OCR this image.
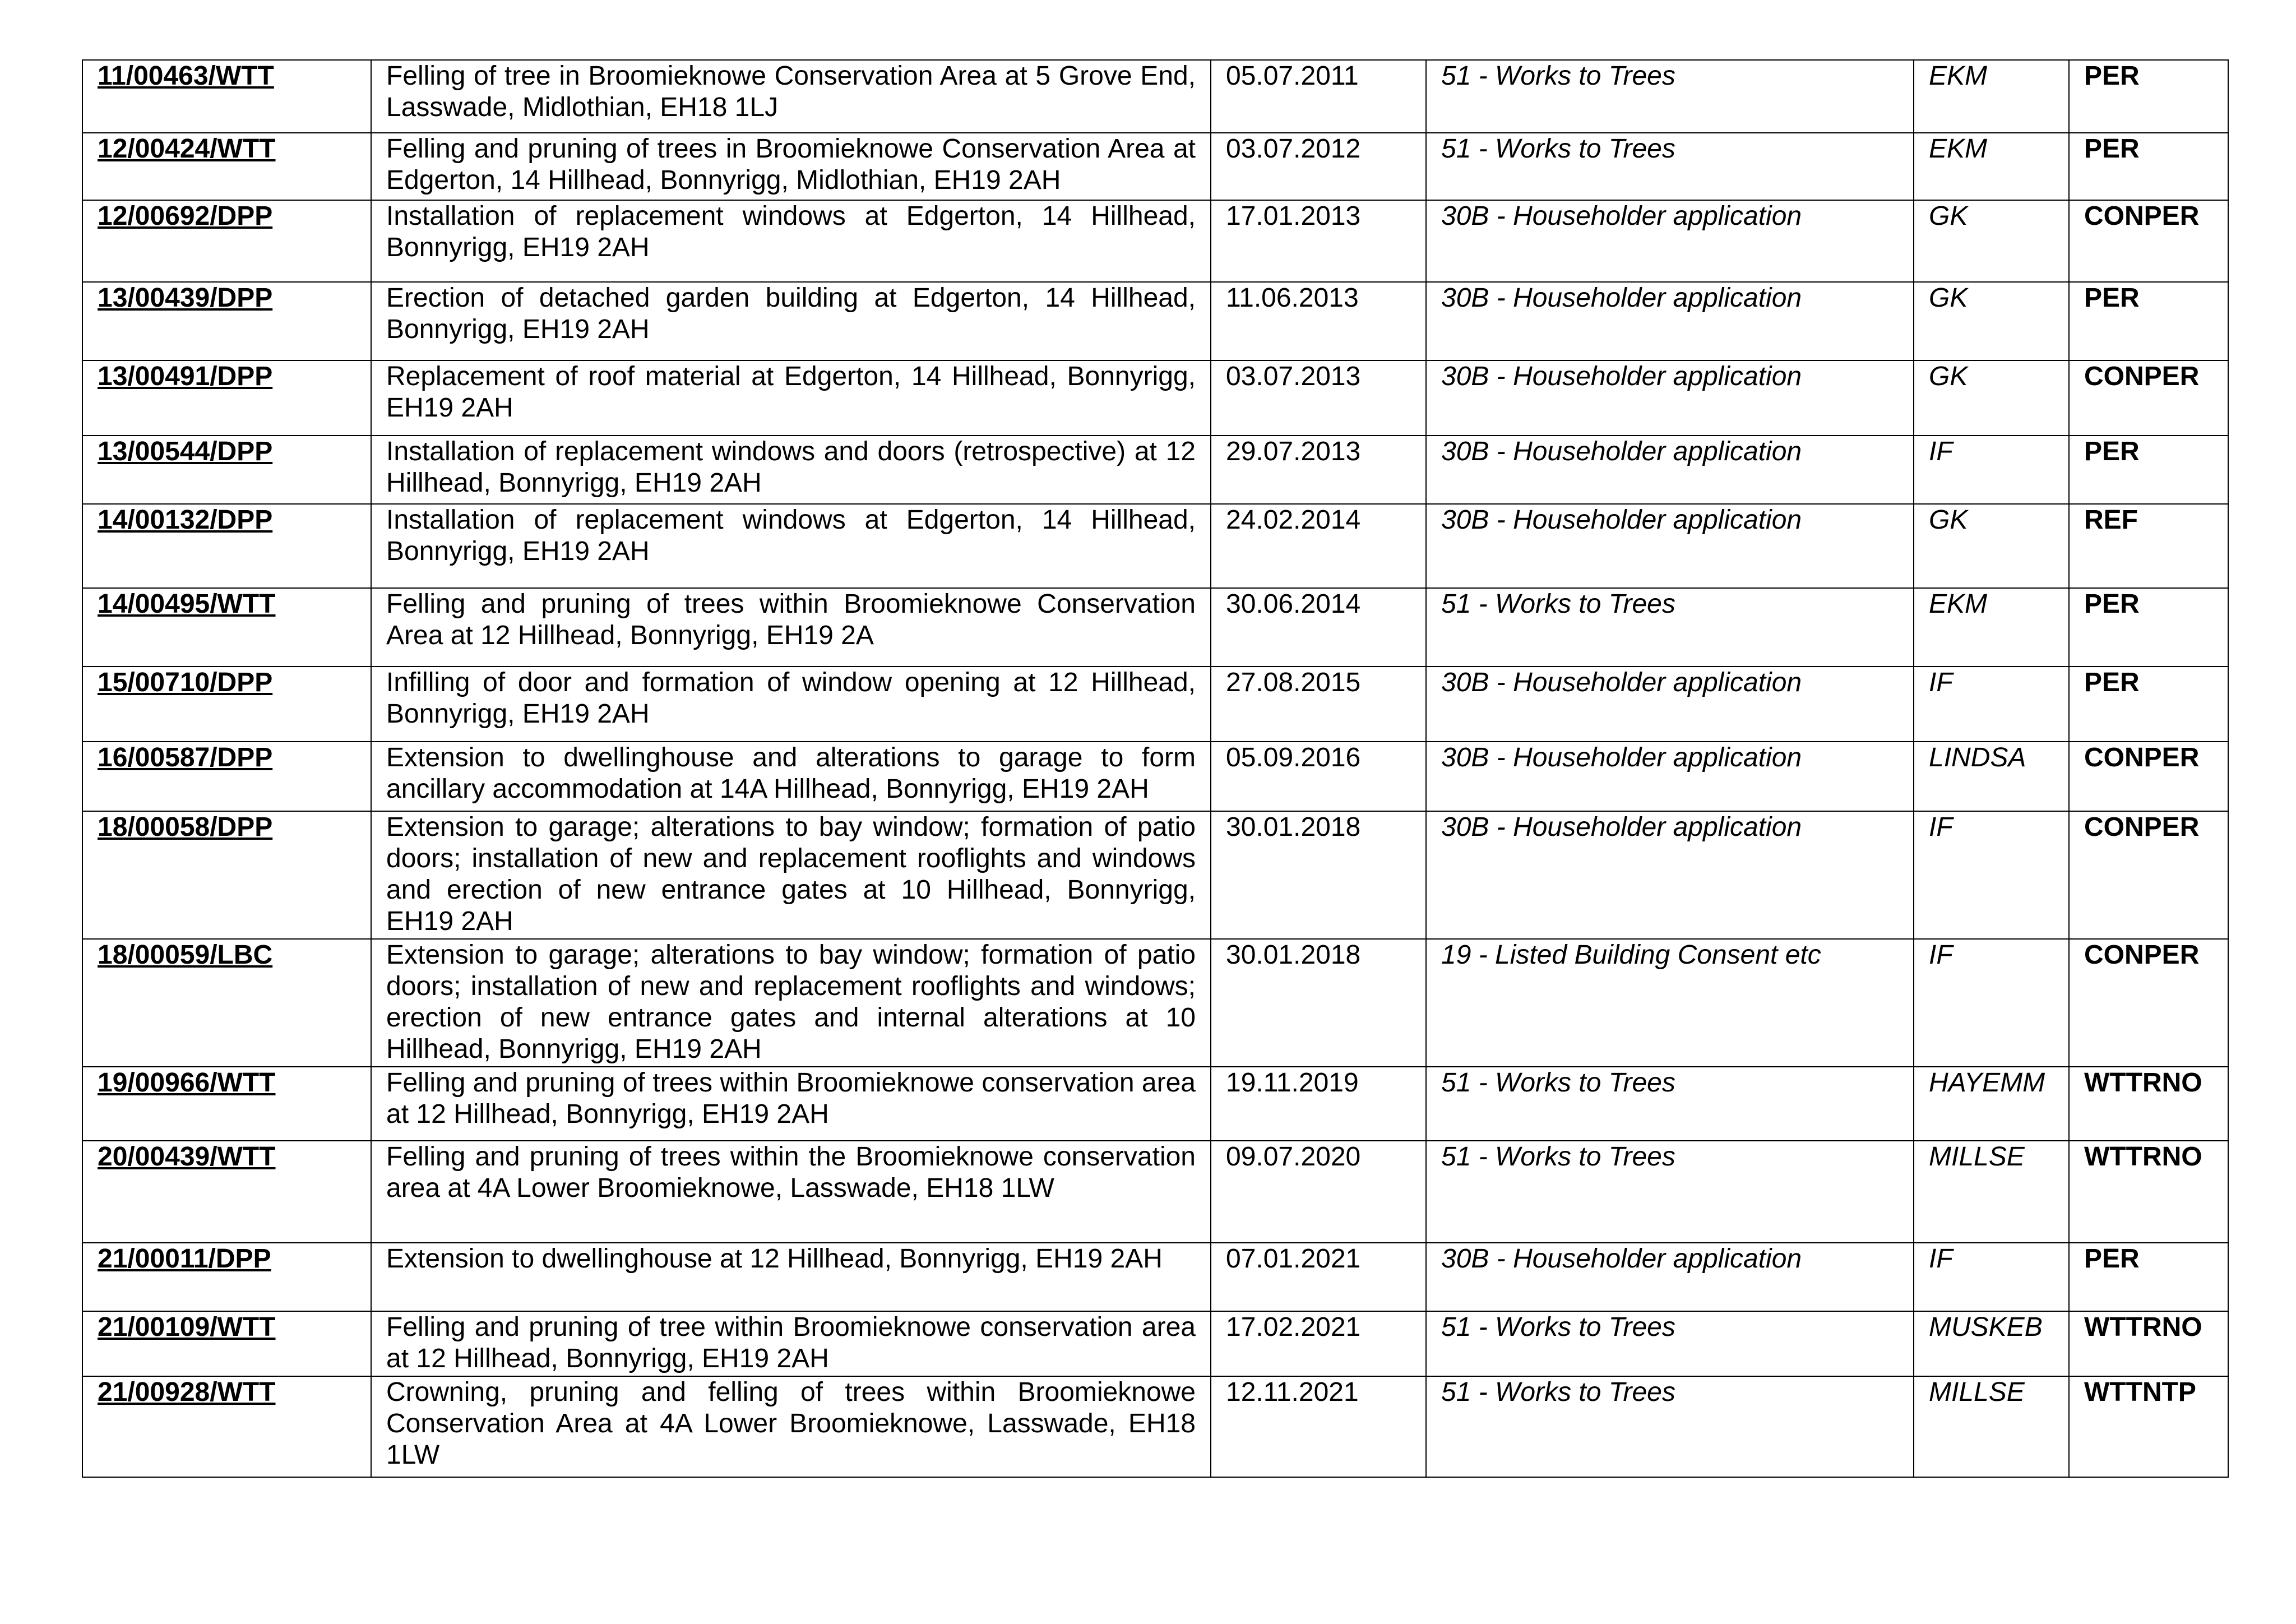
11/00463/WTT	Felling of tree in Broomieknowe Conservation Area at 5 Grove End, Lasswade, Midlothian, EH18 1LJ	05.07.2011	51 - Works to Trees	EKM	PER
12/00424/WTT	Felling and pruning of trees in Broomieknowe Conservation Area at Edgerton, 14 Hillhead, Bonnyrigg, Midlothian, EH19 2AH	03.07.2012	51 - Works to Trees	EKM	PER
12/00692/DPP	Installation of replacement windows at Edgerton, 14 Hillhead, Bonnyrigg, EH19 2AH	17.01.2013	30B - Householder application	GK	CONPER
13/00439/DPP	Erection of detached garden building at Edgerton, 14 Hillhead, Bonnyrigg, EH19 2AH	11.06.2013	30B - Householder application	GK	PER
13/00491/DPP	Replacement of roof material at Edgerton, 14 Hillhead, Bonnyrigg, EH19 2AH	03.07.2013	30B - Householder application	GK	CONPER
13/00544/DPP	Installation of replacement windows and doors (retrospective) at 12 Hillhead, Bonnyrigg, EH19 2AH	29.07.2013	30B - Householder application	IF	PER
14/00132/DPP	Installation of replacement windows at Edgerton, 14 Hillhead, Bonnyrigg, EH19 2AH	24.02.2014	30B - Householder application	GK	REF
14/00495/WTT	Felling and pruning of trees within Broomieknowe Conservation Area at 12 Hillhead, Bonnyrigg, EH19 2A	30.06.2014	51 - Works to Trees	EKM	PER
15/00710/DPP	Infilling of door and formation of window opening at 12 Hillhead, Bonnyrigg, EH19 2AH	27.08.2015	30B - Householder application	IF	PER
16/00587/DPP	Extension to dwellinghouse and alterations to garage to form ancillary accommodation at 14A Hillhead, Bonnyrigg, EH19 2AH	05.09.2016	30B - Householder application	LINDSA	CONPER
18/00058/DPP	Extension to garage; alterations to bay window; formation of patio doors; installation of new and replacement rooflights and windows and erection of new entrance gates at 10 Hillhead, Bonnyrigg, EH19 2AH	30.01.2018	30B - Householder application	IF	CONPER
18/00059/LBC	Extension to garage; alterations to bay window; formation of patio doors; installation of new and replacement rooflights and windows; erection of new entrance gates and internal alterations at 10 Hillhead, Bonnyrigg, EH19 2AH	30.01.2018	19 - Listed Building Consent etc	IF	CONPER
19/00966/WTT	Felling and pruning of trees within Broomieknowe conservation area at 12 Hillhead, Bonnyrigg, EH19 2AH	19.11.2019	51 - Works to Trees	HAYEMM	WTTRNO
20/00439/WTT	Felling and pruning of trees within the Broomieknowe conservation area at 4A Lower Broomieknowe, Lasswade, EH18 1LW	09.07.2020	51 - Works to Trees	MILLSE	WTTRNO
21/00011/DPP	Extension to dwellinghouse at 12 Hillhead, Bonnyrigg, EH19 2AH	07.01.2021	30B - Householder application	IF	PER
21/00109/WTT	Felling and pruning of tree within Broomieknowe conservation area at 12 Hillhead, Bonnyrigg, EH19 2AH	17.02.2021	51 - Works to Trees	MUSKEB	WTTRNO
21/00928/WTT	Crowning, pruning and felling of trees within Broomieknowe Conservation Area at 4A Lower Broomieknowe, Lasswade, EH18 1LW	12.11.2021	51 - Works to Trees	MILLSE	WTTNTP
